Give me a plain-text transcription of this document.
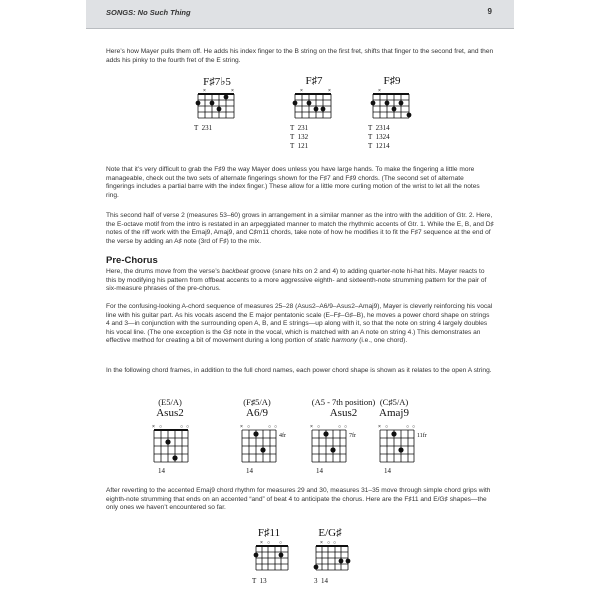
SONGS: No Such Thing	9

Here’s how Mayer pulls them off. He adds his index finger to the B string on the first fret, shifts that finger to the second fret, and then adds his pinky to the fourth fret of the E string.

F♯7♭5	F♯7	F♯9
×	×
T  231
×	×
T  231
T  132
T  121
×
T  2314
T  1324
T  1214

Note that it’s very difficult to grab the F♯9 the way Mayer does unless you have large hands. To make the fingering a little more manageable, check out the two sets of alternate fingerings shown for the F♯7 and F♯9 chords. (The second set of alternate fingerings includes a partial barre with the index finger.) These allow for a little more curling motion of the wrist to let all the notes ring.

This second half of verse 2 (measures 53–60) grows in arrangement in a similar manner as the intro with the addition of Gtr. 2. Here, the E-octave motif from the intro is restated in an arpeggiated manner to match the rhythmic accents of Gtr. 1. While the E, B, and D♯ notes of the riff work with the Emaj9, Amaj9, and C♯m11 chords, take note of how he modifies it to fit the F♯7 sequence at the end of the verse by adding an A♯ note (3rd of F♯) to the mix.

Pre-Chorus

Here, the drums move from the verse’s backbeat groove (snare hits on 2 and 4) to adding quarter-note hi-hat hits. Mayer reacts to this by modifying his pattern from offbeat accents to a more aggressive eighth- and sixteenth-note strumming pattern for the pair of six-measure phrases of the pre-chorus.

For the confusing-looking A-chord sequence of measures 25–28 (Asus2–A6/9–Asus2–Amaj9), Mayer is cleverly reinforcing his vocal line with his guitar part. As his vocals ascend the E major pentatonic scale (E–F♯–G♯–B), he moves a power chord shape on strings 4 and 3—in conjunction with the surrounding open A, B, and E strings—up along with it, so that the note on string 4 largely doubles his vocal line. (The one exception is the G♯ note in the vocal, which is matched with an A note on string 4.) This demonstrates an effective method for creating a bit of movement during a long portion of static harmony (i.e., one chord).

In the following chord frames, in addition to the full chord names, each power chord shape is shown as it relates to the open A string.

(E5/A)
Asus2
(F♯5/A)
A6/9
(A5 - 7th position)
Asus2
(C♯5/A)
Amaj9
× ○	○ ○
14
× ○	○ ○
4fr
14
× ○	○ ○
7fr
14
× ○	○ ○
11fr
14

After reverting to the accented Emaj9 chord rhythm for measures 29 and 30, measures 31–35 move through simple chord grips with eighth-note strumming that ends on an accented “and” of beat 4 to anticipate the chorus. Here are the F♯11 and E/G♯ shapes—the only ones we haven’t encountered so far.

F♯11	E/G♯
× ○ ○
T  13
× ○ ○
3  14
